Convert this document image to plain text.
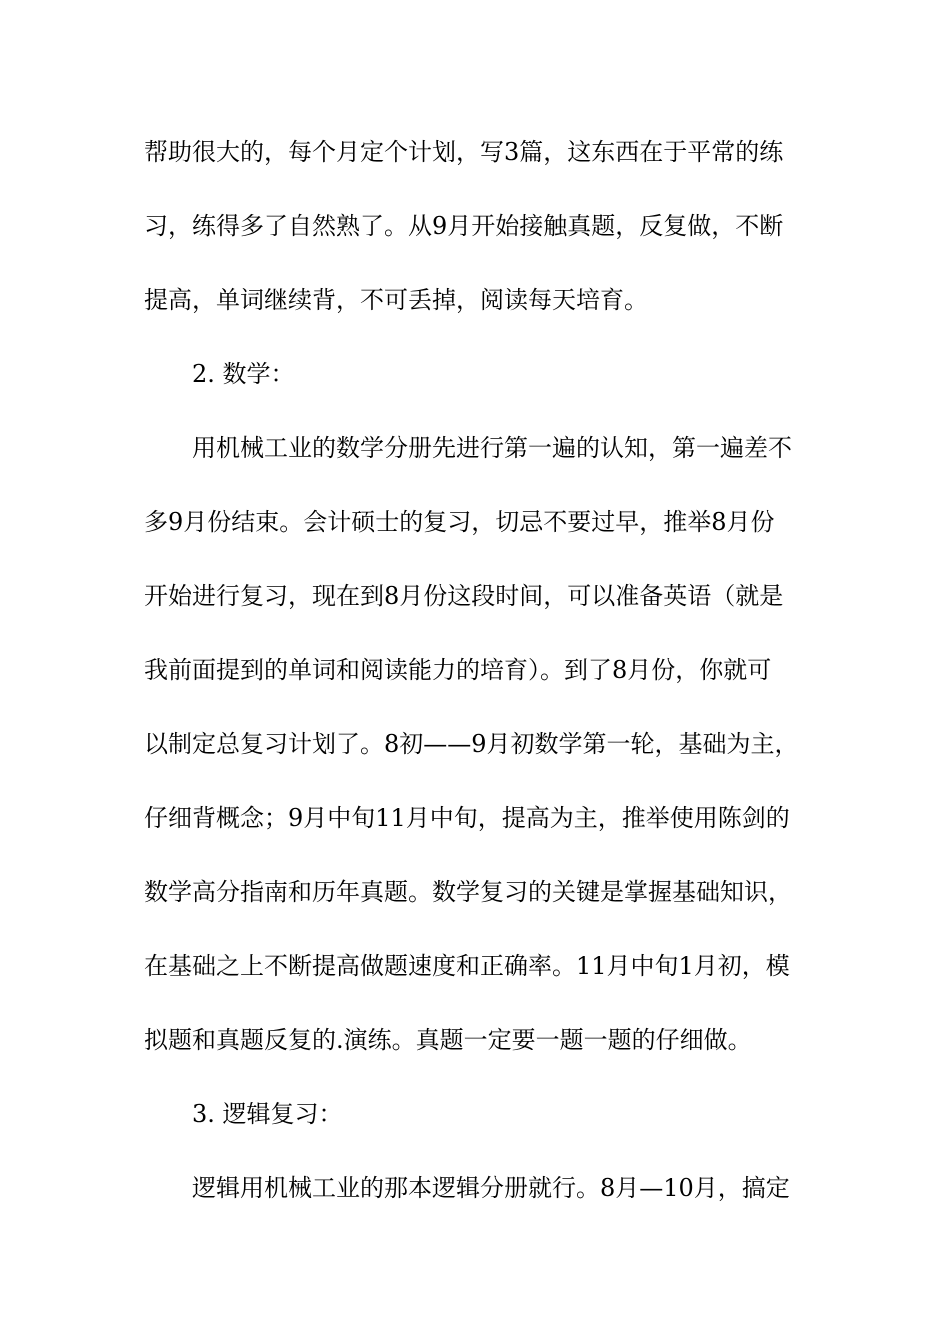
帮助很大的，每个月定个计划，写3篇，这东西在于平常的练
习，练得多了自然熟了。从9月开始接触真题，反复做，不断
提高，单词继续背，不可丢掉，阅读每天培育。
2. 数学：
用机械工业的数学分册先进行第一遍的认知，第一遍差不
多9月份结束。会计硕士的复习，切忌不要过早，推举8月份
开始进行复习，现在到8月份这段时间，可以准备英语（就是
我前面提到的单词和阅读能力的培育）。到了8月份，你就可
以制定总复习计划了。8初——9月初数学第一轮，基础为主，
仔细背概念；9月中旬11月中旬，提高为主，推举使用陈剑的
数学高分指南和历年真题。数学复习的关键是掌握基础知识，
在基础之上不断提高做题速度和正确率。11月中旬1月初，模
拟题和真题反复的.演练。真题一定要一题一题的仔细做。
3. 逻辑复习：
逻辑用机械工业的那本逻辑分册就行。8月—10月，搞定
